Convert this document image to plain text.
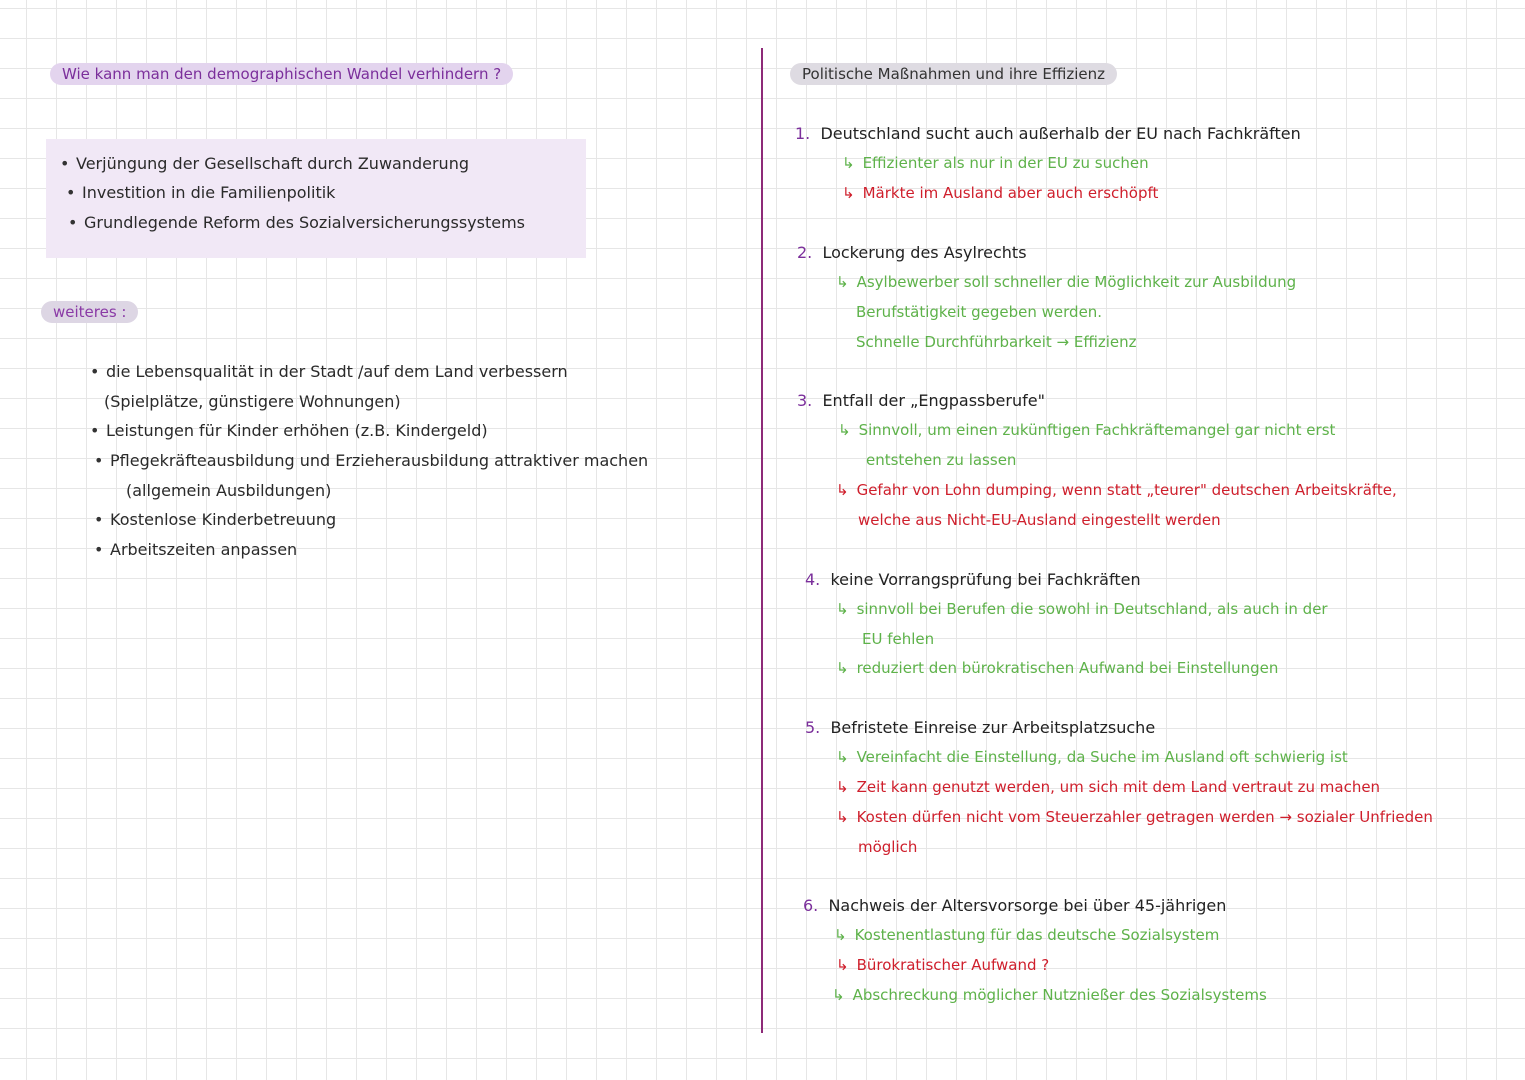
Wie kann man den demographischen Wandel verhindern ?
• Verjüngung der Gesellschaft durch Zuwanderung
• Investition in die Familienpolitik
• Grundlegende Reform des Sozialversicherungssystems
weiteres :
• die Lebensqualität in der Stadt /auf dem Land verbessern
(Spielplätze, günstigere Wohnungen)
• Leistungen für Kinder erhöhen (z.B. Kindergeld)
• Pflegekräfteausbildung und Erzieherausbildung attraktiver machen
(allgemein Ausbildungen)
• Kostenlose Kinderbetreuung
• Arbeitszeiten anpassen
Politische Maßnahmen und ihre Effizienz
1. Deutschland sucht auch außerhalb der EU nach Fachkräften
↳ Effizienter als nur in der EU zu suchen
↳ Märkte im Ausland aber auch erschöpft
2. Lockerung des Asylrechts
↳ Asylbewerber soll schneller die Möglichkeit zur Ausbildung
Berufstätigkeit gegeben werden.
Schnelle Durchführbarkeit → Effizienz
3. Entfall der „Engpassberufe"
↳ Sinnvoll, um einen zukünftigen Fachkräftemangel gar nicht erst
entstehen zu lassen
↳ Gefahr von Lohn dumping, wenn statt „teurer" deutschen Arbeitskräfte,
welche aus Nicht-EU-Ausland eingestellt werden
4. keine Vorrangsprüfung bei Fachkräften
↳ sinnvoll bei Berufen die sowohl in Deutschland, als auch in der
EU fehlen
↳ reduziert den bürokratischen Aufwand bei Einstellungen
5. Befristete Einreise zur Arbeitsplatzsuche
↳ Vereinfacht die Einstellung, da Suche im Ausland oft schwierig ist
↳ Zeit kann genutzt werden, um sich mit dem Land vertraut zu machen
↳ Kosten dürfen nicht vom Steuerzahler getragen werden → sozialer Unfrieden
möglich
6. Nachweis der Altersvorsorge bei über 45-jährigen
↳ Kostenentlastung für das deutsche Sozialsystem
↳ Bürokratischer Aufwand ?
↳ Abschreckung möglicher Nutznießer des Sozialsystems
